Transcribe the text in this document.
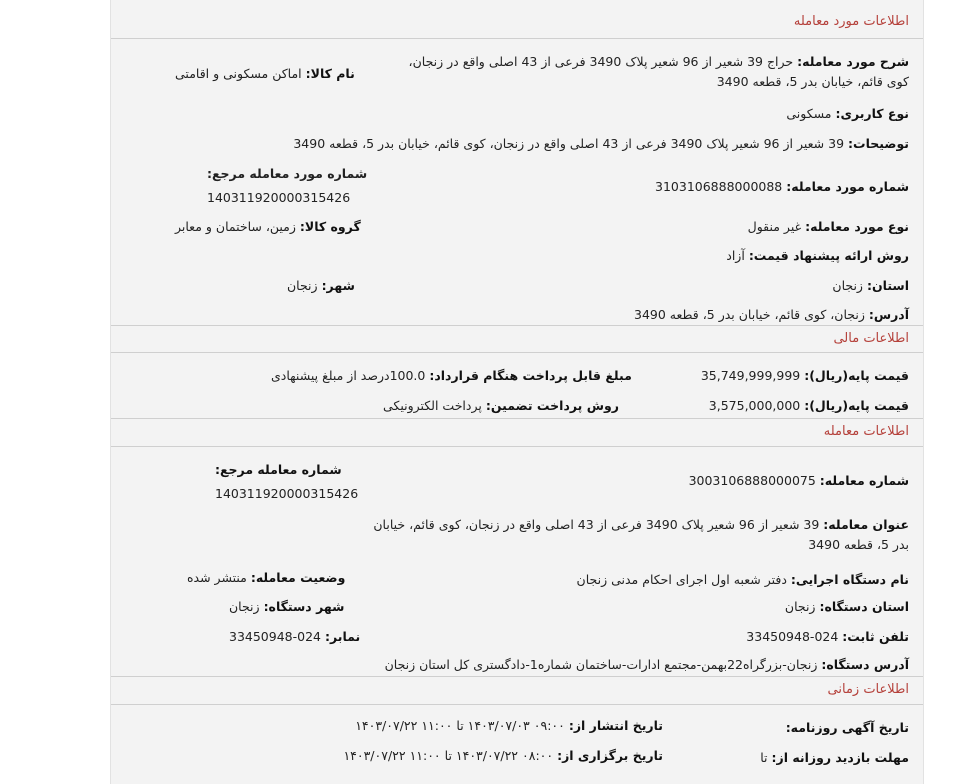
اطلاعات مورد معامله
شرح مورد معامله: حراج 39 شعیر از 96 شعیر پلاک 3490 فرعی از 43 اصلی واقع در زنجان، کوی قائم، خیابان بدر 5، قطعه 3490
نام کالا: اماکن مسکونی و اقامتی
نوع کاربری: مسکونی
توضیحات: 39 شعیر از 96 شعیر پلاک 3490 فرعی از 43 اصلی واقع در زنجان، کوی قائم، خیابان بدر 5، قطعه 3490
شماره مورد معامله مرجع:
14031192000031542‎6
شماره مورد معامله: 3103106888000088
نوع مورد معامله: غیر منقول
گروه کالا: زمین، ساختمان و معابر
روش ارائه پیشنهاد قیمت: آزاد
استان: زنجان
شهر: زنجان
آدرس: زنجان، کوی قائم، خیابان بدر 5، قطعه 3490
اطلاعات مالی
قیمت پایه(ریال): 35,749,999,999
مبلغ قابل پرداخت هنگام قرارداد: 100.0درصد از مبلغ پیشنهادی
قیمت پایه(ریال): 3,575,000,000
روش پرداخت تضمین: پرداخت الکترونیکی
اطلاعات معامله
شماره معامله مرجع:
14031192000031542‎6
شماره معامله: 3003106888000075
عنوان معامله: 39 شعیر از 96 شعیر پلاک 3490 فرعی از 43 اصلی واقع در زنجان، کوی قائم، خیابان بدر 5، قطعه 3490
نام دستگاه اجرایی: دفتر شعبه اول اجرای احکام مدنی زنجان
وضعیت معامله: منتشر شده
استان دستگاه: زنجان
شهر دستگاه: زنجان
تلفن ثابت: 024-33450948
نمابر: 024-33450948
آدرس دستگاه: زنجان-بزرگراه22بهمن-مجتمع ادارات-ساختمان شماره1-دادگستری کل استان زنجان
اطلاعات زمانی
تاریخ آگهی روزنامه:
تاریخ انتشار از: ۰۹:۰۰ ۱۴۰۳/۰۷/۰۳ تا ۱۱:۰۰ ۱۴۰۳/۰۷/۲۲
مهلت بازدید روزانه از: تا
تاریخ برگزاری از: ۰۸:۰۰ ۱۴۰۳/۰۷/۲۲ تا ۱۱:۰۰ ۱۴۰۳/۰۷/۲۲
